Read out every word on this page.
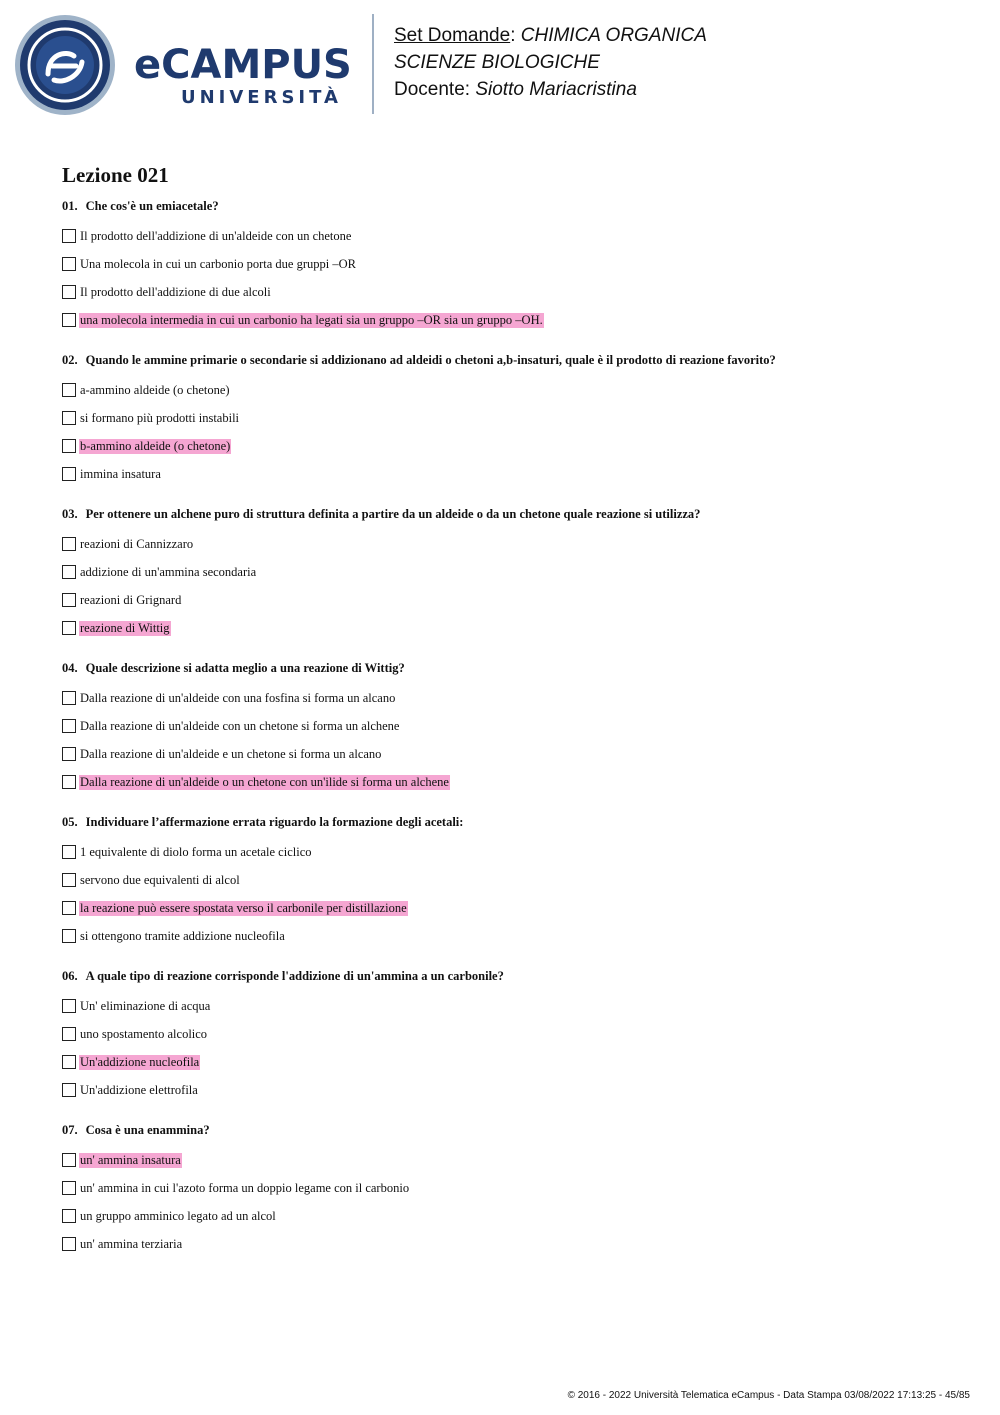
eCAMPUS
UNIVERSITÀ
Set Domande: CHIMICA ORGANICA
SCIENZE BIOLOGICHE
Docente: Siotto Mariacristina
Lezione 021
01. Che cos'è un emiacetale?
Il prodotto dell'addizione di un'aldeide con un chetone
Una molecola in cui un carbonio porta due gruppi –OR
Il prodotto dell'addizione di due alcoli
una molecola intermedia in cui un carbonio ha legati sia un gruppo –OR sia un gruppo –OH.
02. Quando le ammine primarie o secondarie si addizionano ad aldeidi o chetoni a,b-insaturi, quale è il prodotto di reazione favorito?
a-ammino aldeide (o chetone)
si formano più prodotti instabili
b-ammino aldeide (o chetone)
immina insatura
03. Per ottenere un alchene puro di struttura definita a partire da un aldeide o da un chetone quale reazione si utilizza?
reazioni di Cannizzaro
addizione di un'ammina secondaria
reazioni di Grignard
reazione di Wittig
04. Quale descrizione si adatta meglio a una reazione di Wittig?
Dalla reazione di un'aldeide con una fosfina si forma un alcano
Dalla reazione di un'aldeide con un chetone si forma un alchene
Dalla reazione di un'aldeide e un chetone si forma un alcano
Dalla reazione di un'aldeide o un chetone con un'ilide si forma un alchene
05. Individuare l’affermazione errata riguardo la formazione degli acetali:
1 equivalente di diolo forma un acetale ciclico
servono due equivalenti di alcol
la reazione può essere spostata verso il carbonile per distillazione
si ottengono tramite addizione nucleofila
06. A quale tipo di reazione corrisponde l'addizione di un'ammina a un carbonile?
Un' eliminazione di acqua
uno spostamento alcolico
Un'addizione nucleofila
Un'addizione elettrofila
07. Cosa è una enammina?
un' ammina insatura
un' ammina in cui l'azoto forma un doppio legame con il carbonio
un gruppo amminico legato ad un alcol
un' ammina terziaria
© 2016 - 2022 Università Telematica eCampus - Data Stampa 03/08/2022 17:13:25 - 45/85
